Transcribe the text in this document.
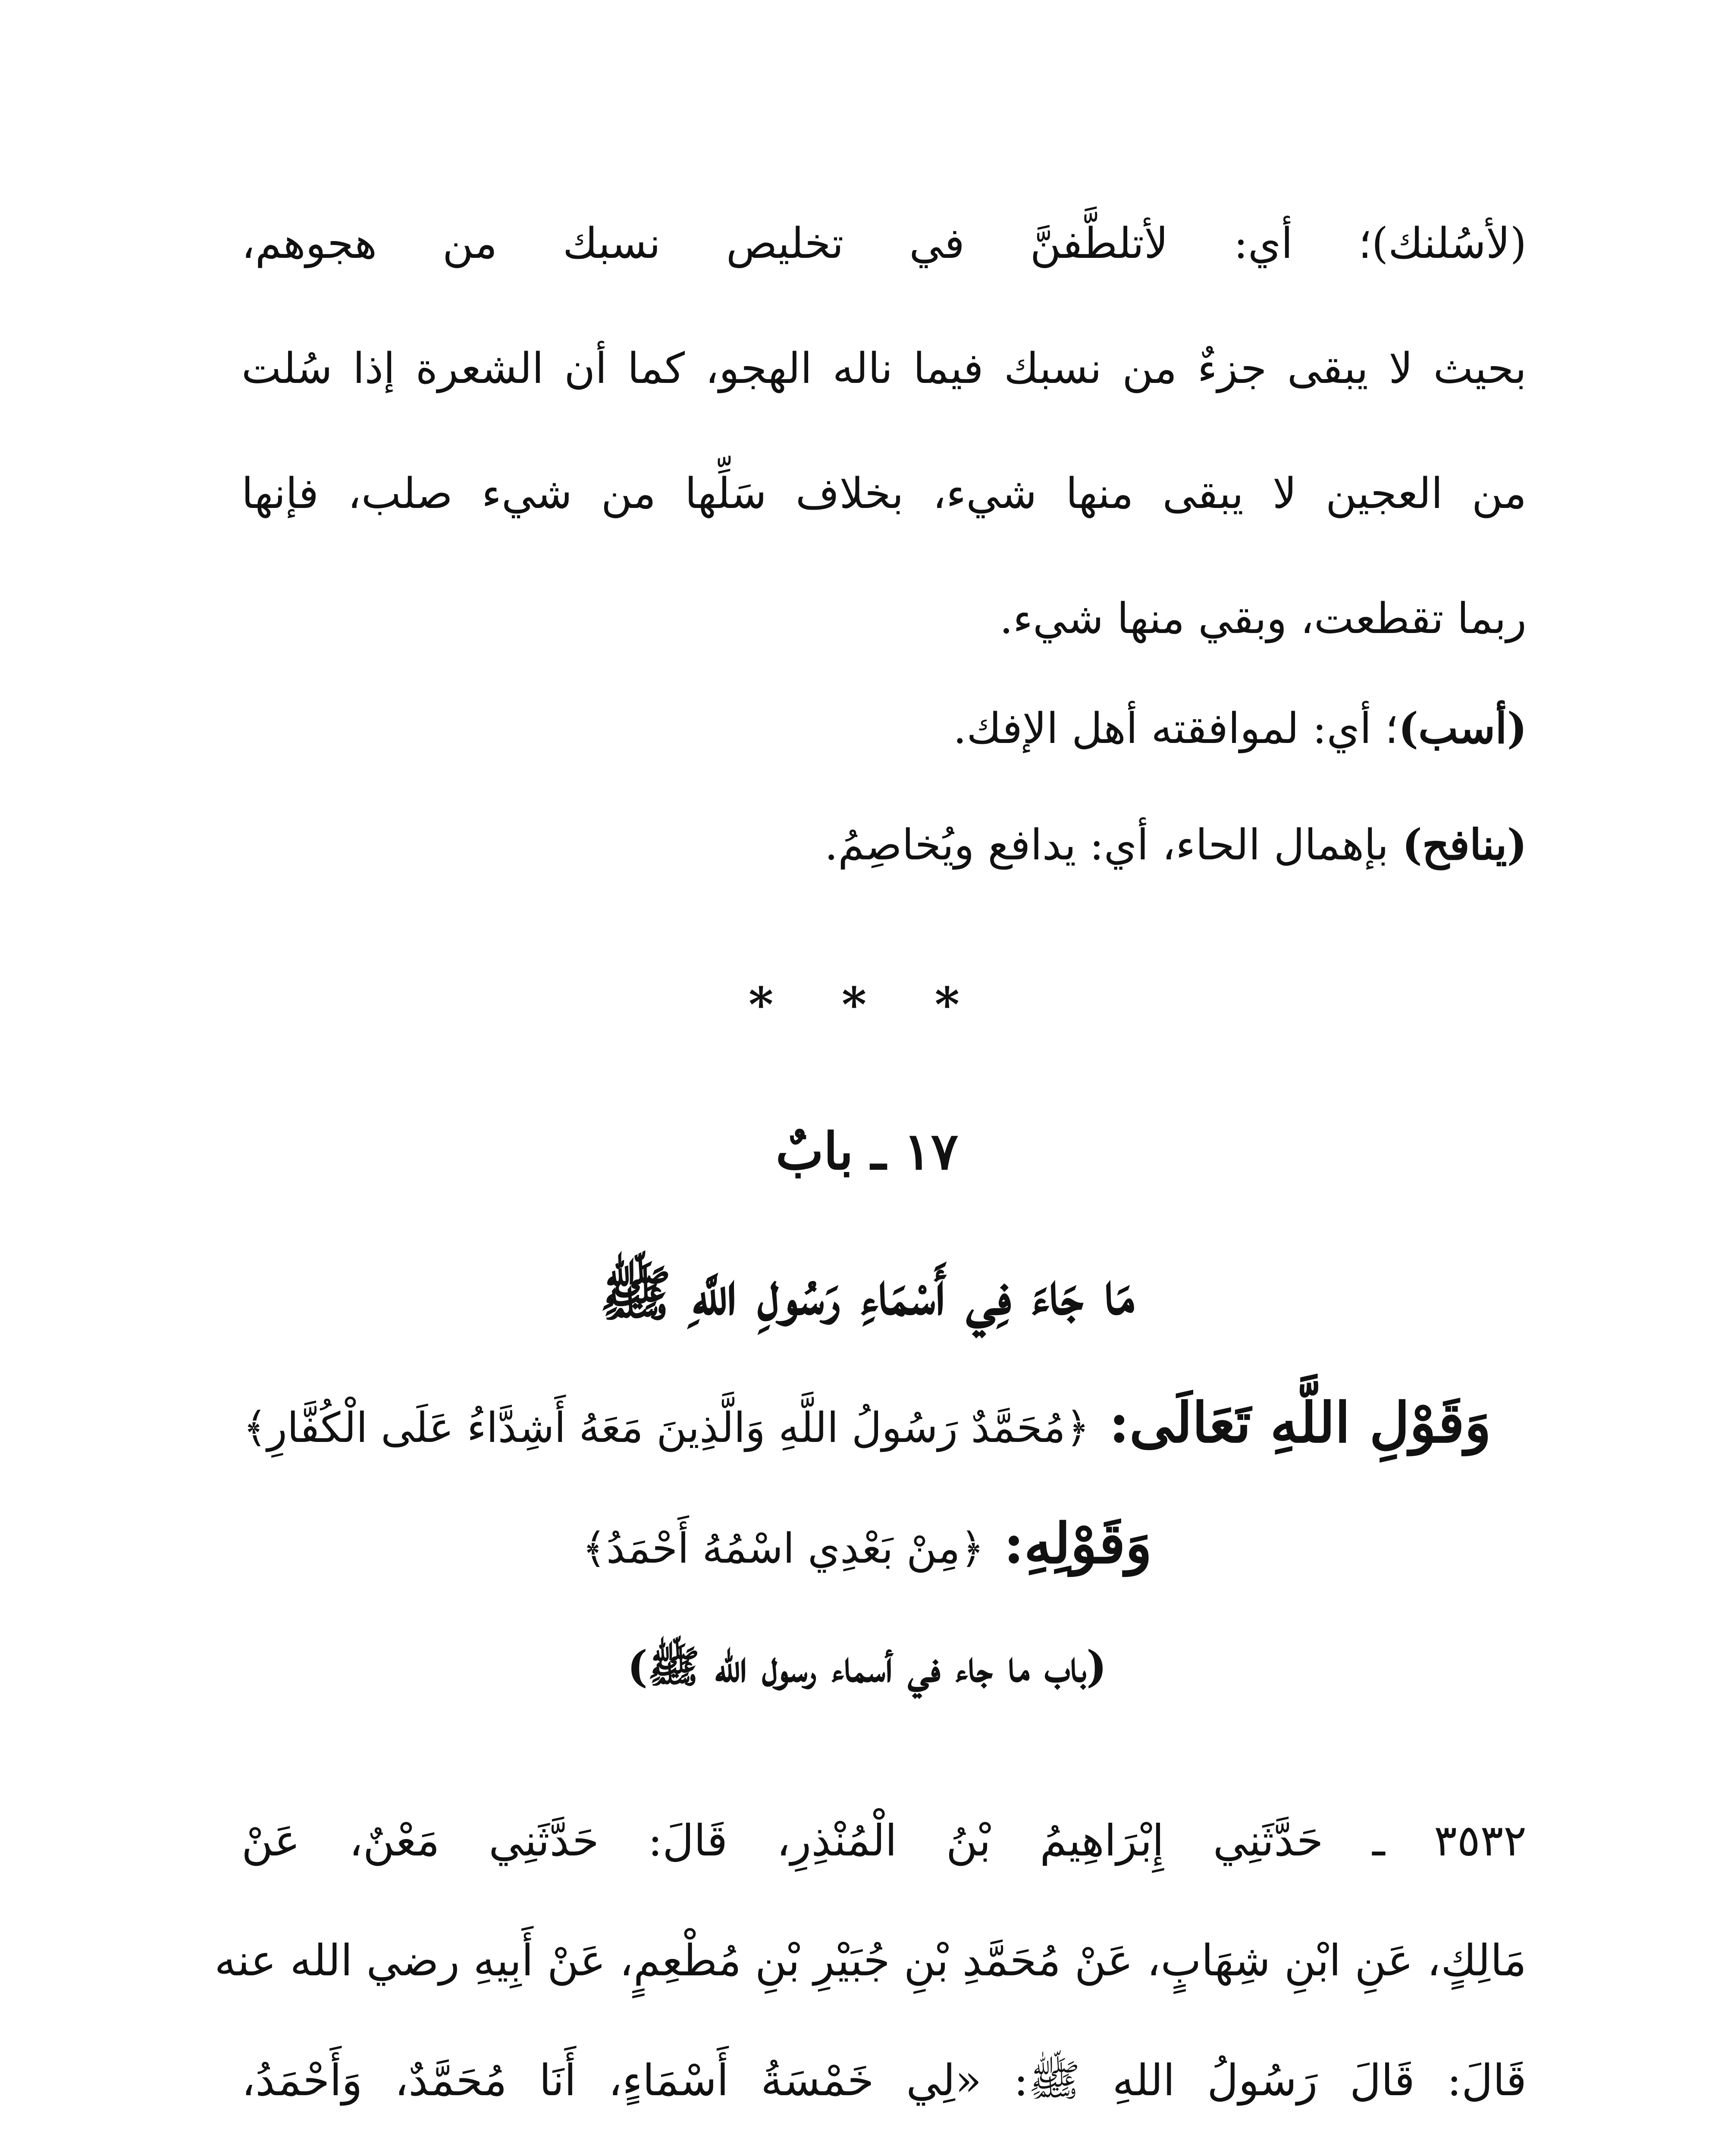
(لأسُلنك)؛ أي: لأتلطَّفنَّ في تخليص نسبك من هجوهم،
بحيث لا يبقى جزءٌ من نسبك فيما ناله الهجو، كما أن الشعرة إذا سُلت
من العجين لا يبقى منها شيء، بخلاف سَلِّها من شيء صلب، فإنها
ربما تقطعت، وبقي منها شيء.
(أسب)؛ أي: لموافقته أهل الإفك.
(ينافح) بإهمال الحاء، أي: يدافع ويُخاصِمُ.
* * *
١٧ ـ بابٌ
مَا جَاءَ فِي أَسْمَاءِ رَسُولِ اللَّهِ ﷺ
وَقَوْلِ اللَّهِ تَعَالَى: ﴿مُحَمَّدٌ رَسُولُ اللَّهِ وَالَّذِينَ مَعَهُ أَشِدَّاءُ عَلَى الْكُفَّارِ﴾
وَقَوْلِهِ: ﴿مِنْ بَعْدِي اسْمُهُ أَحْمَدُ﴾
(باب ما جاء في أسماء رسول الله ﷺ)
٣٥٣٢ ـ حَدَّثَنِي إِبْرَاهِيمُ بْنُ الْمُنْذِرِ، قَالَ: حَدَّثَنِي مَعْنٌ، عَنْ
مَالِكٍ، عَنِ ابْنِ شِهَابٍ، عَنْ مُحَمَّدِ بْنِ جُبَيْرِ بْنِ مُطْعِمٍ، عَنْ أَبِيهِ رضي الله عنه
قَالَ: قَالَ رَسُولُ اللهِ ﷺ: «لِي خَمْسَةُ أَسْمَاءٍ، أَنَا مُحَمَّدٌ، وَأَحْمَدُ،
